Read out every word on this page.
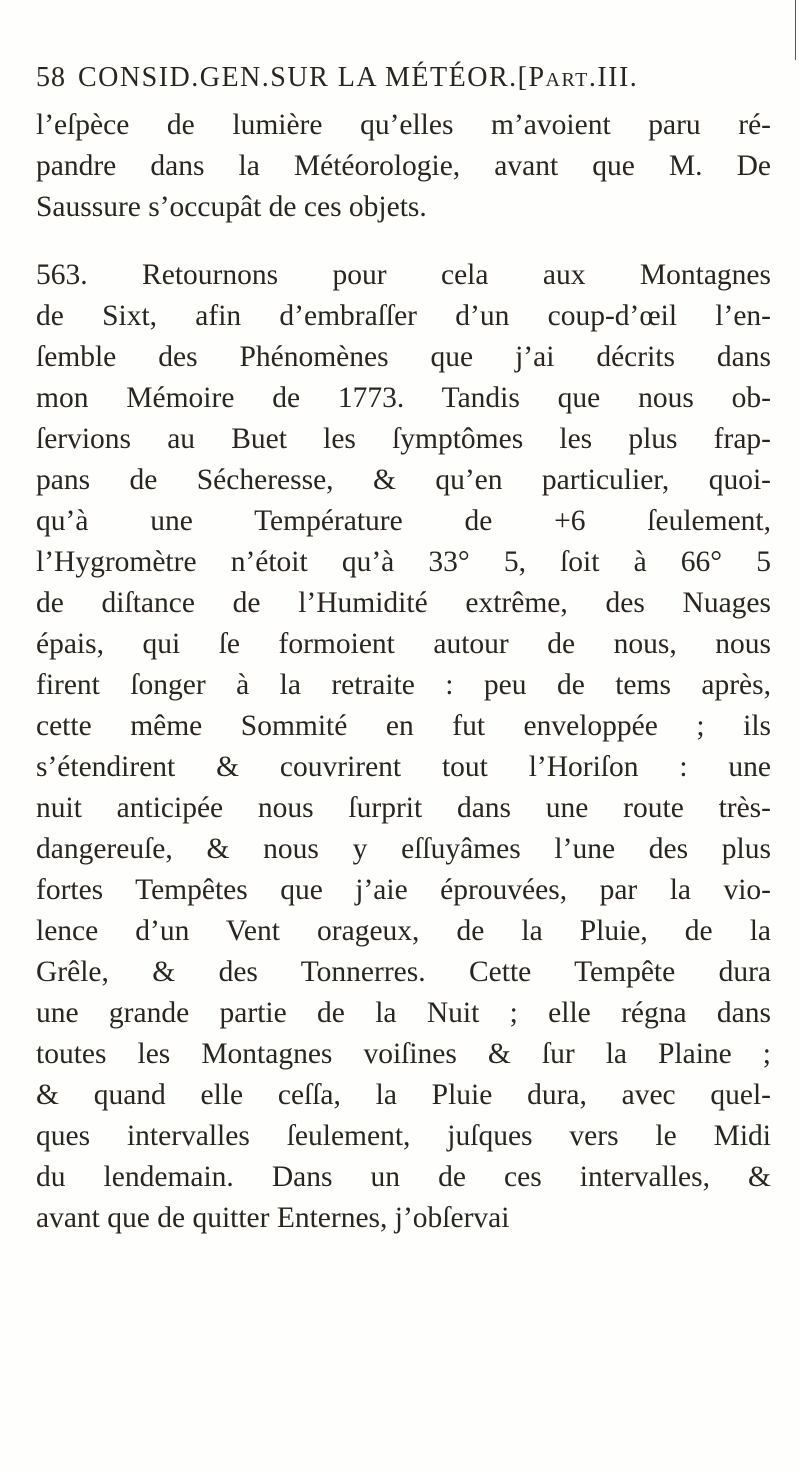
58 CONSID.GEN.SUR LA MÉTÉOR.[Part.III.
l’eſpèce de lumière qu’elles m’avoient paru ré-
pandre dans la Météorologie, avant que M. De
Saussure s’occupât de ces objets.
563. Retournons pour cela aux Montagnes
de Sixt, afin d’embraſſer d’un coup-d’œil l’en-
ſemble des Phénomènes que j’ai décrits dans
mon Mémoire de 1773. Tandis que nous ob-
ſervions au Buet les ſymptômes les plus frap-
pans de Sécheresse, & qu’en particulier, quoi-
qu’à une Température de +6 ſeulement,
l’Hygromètre n’étoit qu’à 33° 5, ſoit à 66° 5
de diſtance de l’Humidité extrême, des Nuages
épais, qui ſe formoient autour de nous, nous
firent ſonger à la retraite : peu de tems après,
cette même Sommité en fut enveloppée ; ils
s’étendirent & couvrirent tout l’Horiſon : une
nuit anticipée nous ſurprit dans une route très-
dangereuſe, & nous y eſſuyâmes l’une des plus
fortes Tempêtes que j’aie éprouvées, par la vio-
lence d’un Vent orageux, de la Pluie, de la
Grêle, & des Tonnerres. Cette Tempête dura
une grande partie de la Nuit ; elle régna dans
toutes les Montagnes voiſines & ſur la Plaine ;
& quand elle ceſſa, la Pluie dura, avec quel-
ques intervalles ſeulement, juſques vers le Midi
du lendemain. Dans un de ces intervalles, &
avant que de quitter Enternes, j’obſervai
